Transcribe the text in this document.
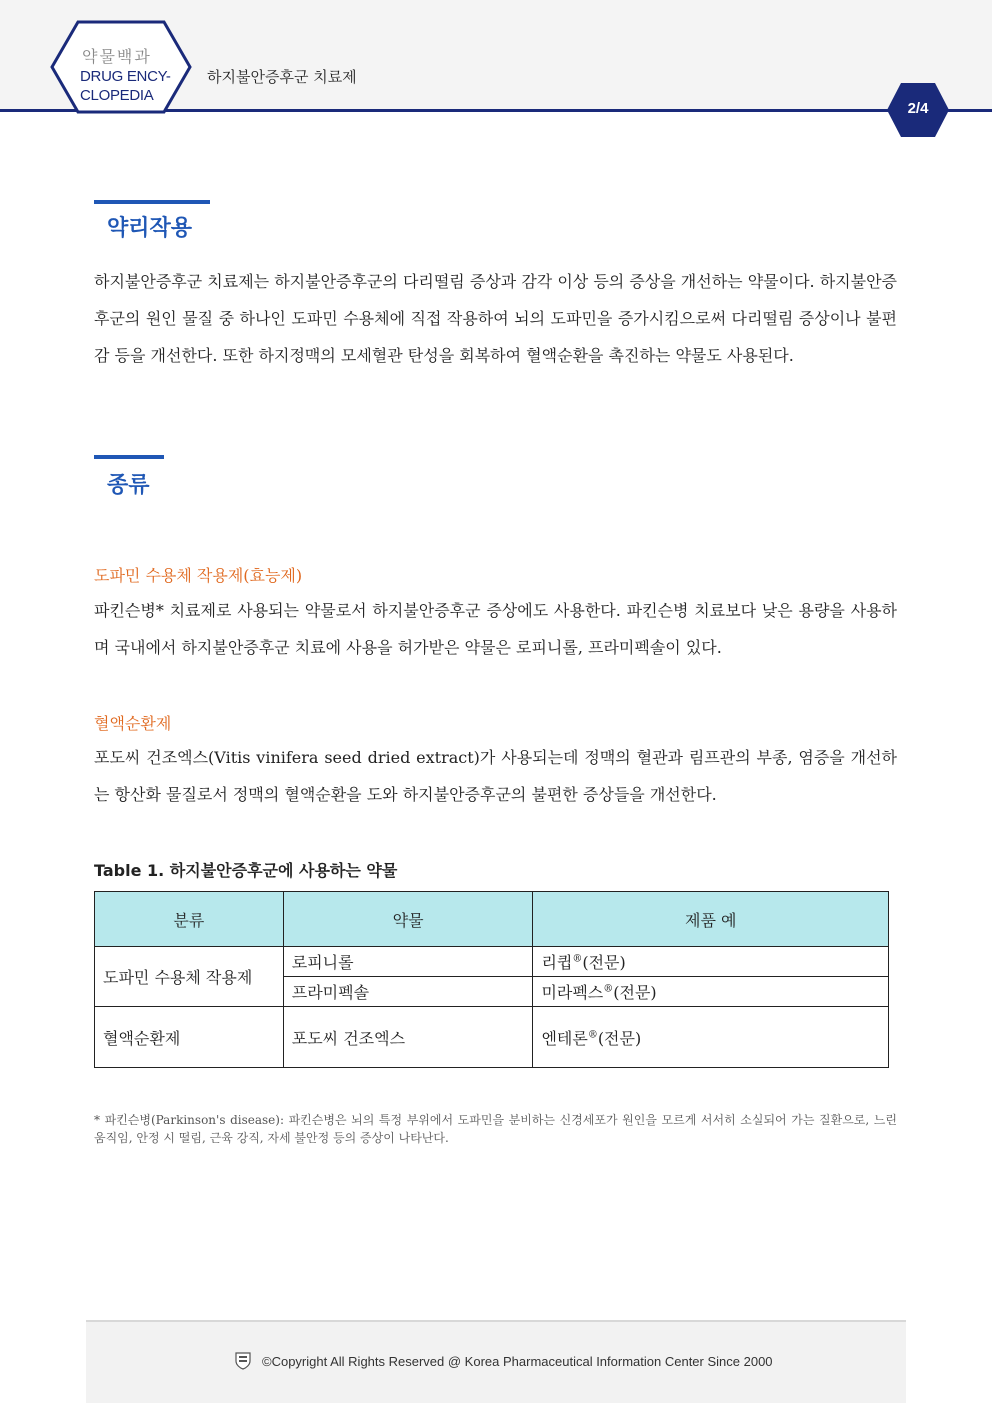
약물백과
DRUG ENCY-
CLOPEDIA
하지불안증후군 치료제
2/4
약리작용
하지불안증후군 치료제는 하지불안증후군의 다리떨림 증상과 감각 이상 등의 증상을 개선하는 약물이다. 하지불안증후군의 원인 물질 중 하나인 도파민 수용체에 직접 작용하여 뇌의 도파민을 증가시킴으로써 다리떨림 증상이나 불편감 등을 개선한다. 또한 하지정맥의 모세혈관 탄성을 회복하여 혈액순환을 촉진하는 약물도 사용된다.
종류
도파민 수용체 작용제(효능제)
파킨슨병* 치료제로 사용되는 약물로서 하지불안증후군 증상에도 사용한다. 파킨슨병 치료보다 낮은 용량을 사용하며 국내에서 하지불안증후군 치료에 사용을 허가받은 약물은 로피니롤, 프라미펙솔이 있다.
혈액순환제
포도씨 건조엑스(Vitis vinifera seed dried extract)가 사용되는데 정맥의 혈관과 림프관의 부종, 염증을 개선하는 항산화 물질로서 정맥의 혈액순환을 도와 하지불안증후군의 불편한 증상들을 개선한다.
Table 1. 하지불안증후군에 사용하는 약물
분류	약물	제품 예
도파민 수용체 작용제	로피니롤	리큅®(전문)
	프라미펙솔	미라펙스®(전문)
혈액순환제	포도씨 건조엑스	엔테론®(전문)
* 파킨슨병(Parkinson's disease): 파킨슨병은 뇌의 특정 부위에서 도파민을 분비하는 신경세포가 원인을 모르게 서서히 소실되어 가는 질환으로, 느린 움직임, 안정 시 떨림, 근육 강직, 자세 불안정 등의 증상이 나타난다.
©Copyright All Rights Reserved @ Korea Pharmaceutical Information Center Since 2000
